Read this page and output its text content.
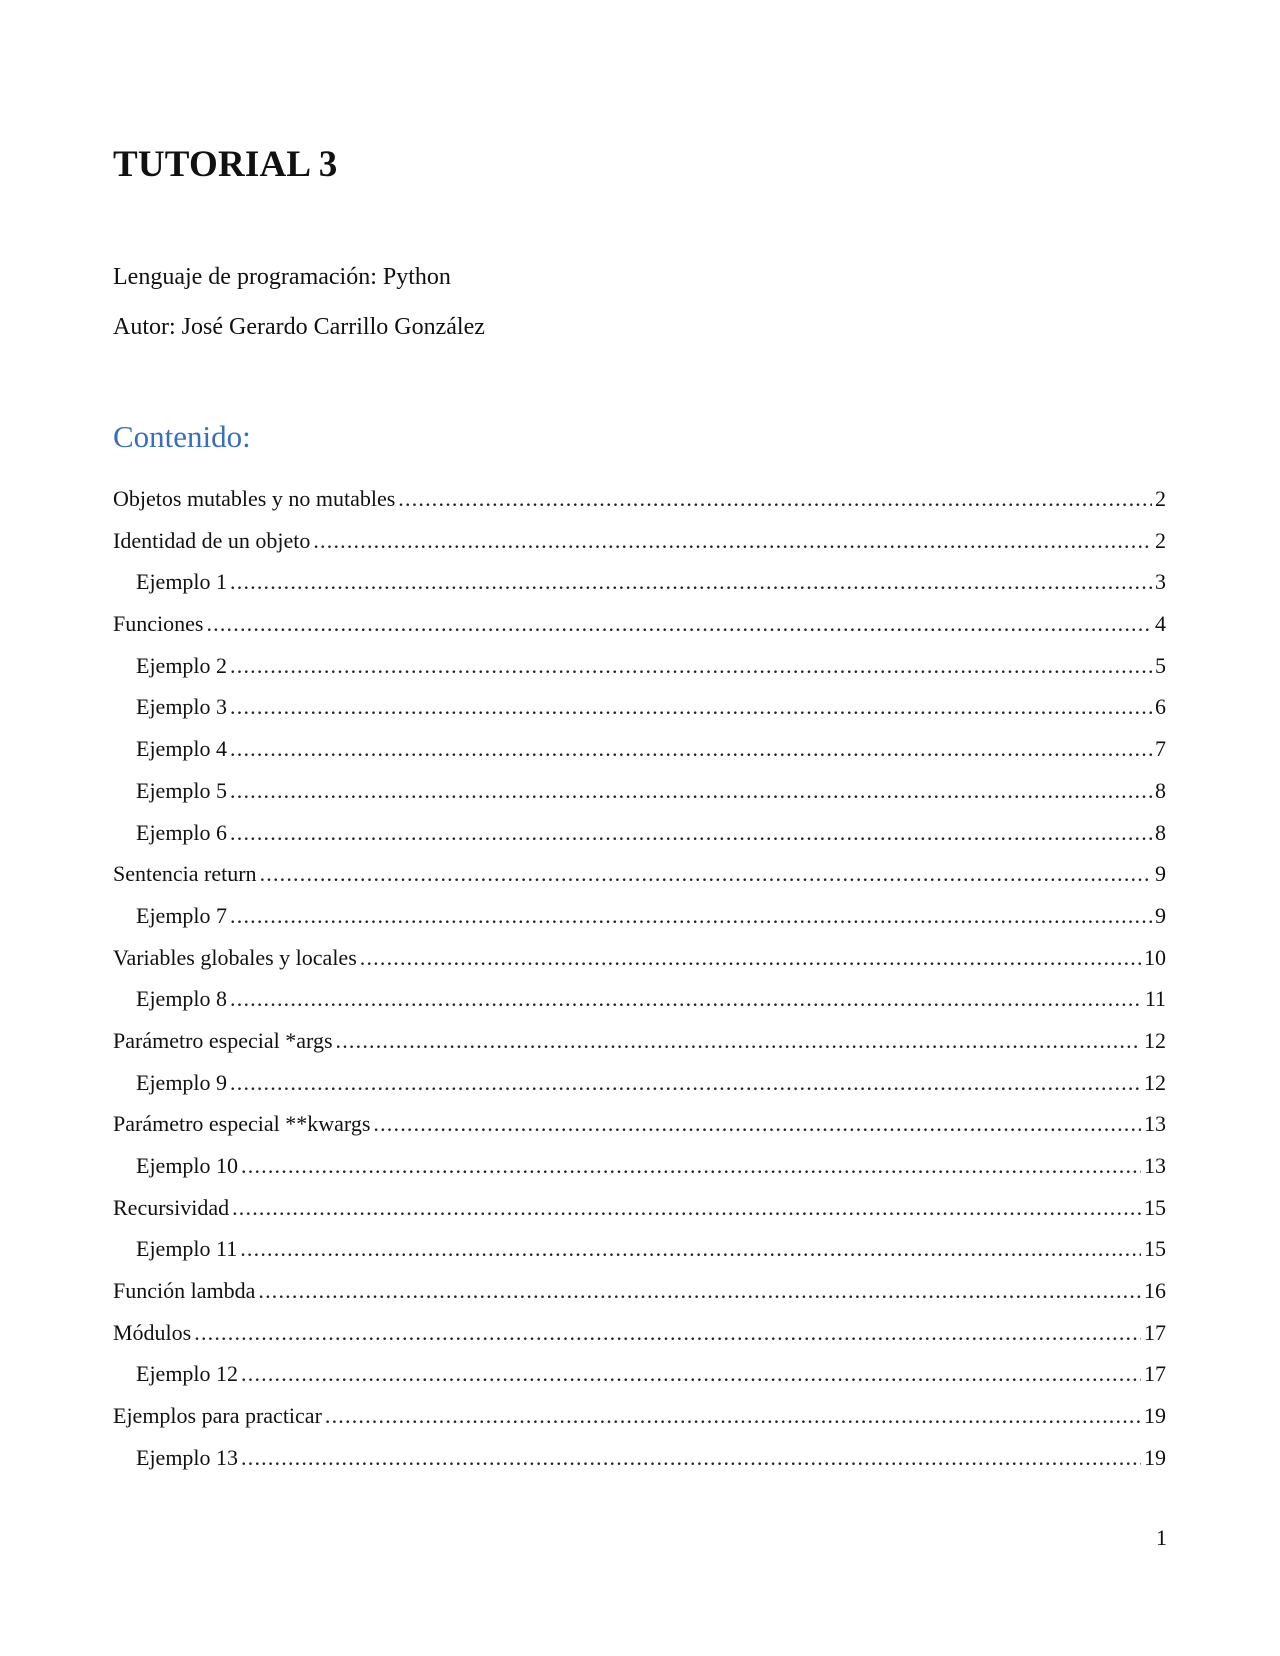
TUTORIAL 3

Lenguaje de programación: Python

Autor: José Gerardo Carrillo González

Contenido:
Objetos mutables y no mutables .....	2
Identidad de un objeto .....	2
Ejemplo 1 .....	3
Funciones .....	4
Ejemplo 2 .....	5
Ejemplo 3 .....	6
Ejemplo 4 .....	7
Ejemplo 5 .....	8
Ejemplo 6 .....	8
Sentencia return .....	9
Ejemplo 7 .....	9
Variables globales y locales .....	10
Ejemplo 8 .....	11
Parámetro especial *args .....	12
Ejemplo 9 .....	12
Parámetro especial **kwargs .....	13
Ejemplo 10 .....	13
Recursividad .....	15
Ejemplo 11 .....	15
Función lambda .....	16
Módulos .....	17
Ejemplo 12 .....	17
Ejemplos para practicar .....	19
Ejemplo 13 .....	19
1
